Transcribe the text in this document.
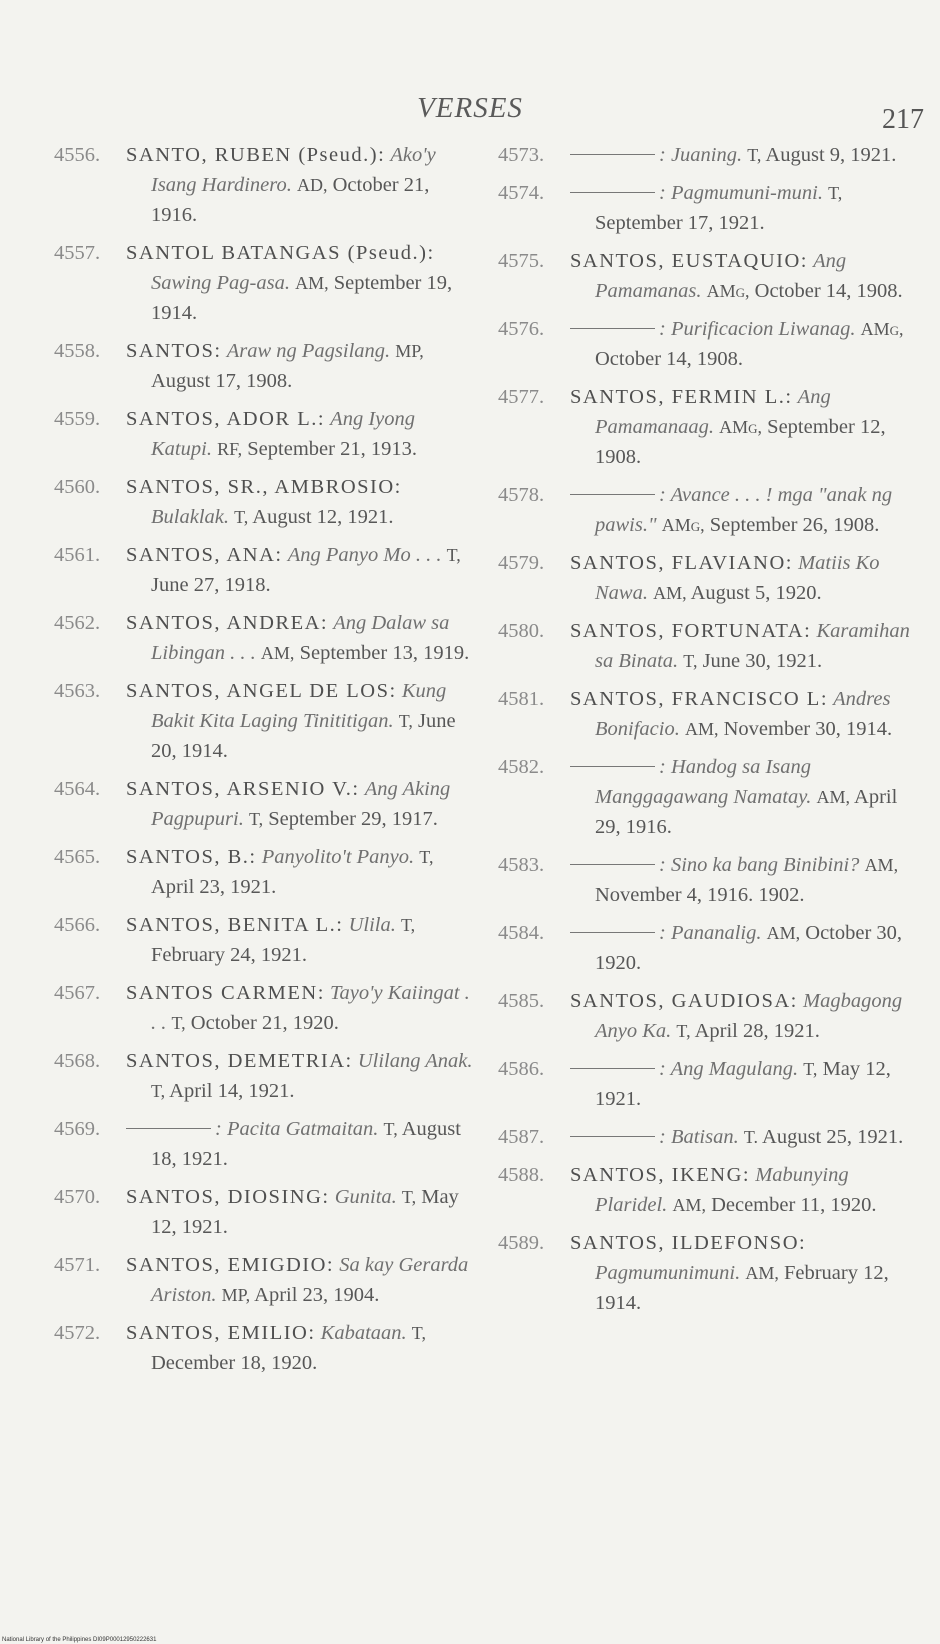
VERSES	217
4556. SANTO, RUBEN (Pseud.): Ako'y Isang Hardinero. AD, October 21, 1916.
4557. SANTOL BATANGAS (Pseud.): Sawing Pag-asa. AM, September 19, 1914.
4558. SANTOS: Araw ng Pagsilang. MP, August 17, 1908.
4559. SANTOS, ADOR L.: Ang Iyong Katupi. RF, September 21, 1913.
4560. SANTOS, SR., AMBROSIO: Bulaklak. T, August 12, 1921.
4561. SANTOS, ANA: Ang Panyo Mo . . . T, June 27, 1918.
4562. SANTOS, ANDREA: Ang Dalaw sa Libingan . . . AM, September 13, 1919.
4563. SANTOS, ANGEL DE LOS: Kung Bakit Kita Laging Tinititigan. T, June 20, 1914.
4564. SANTOS, ARSENIO V.: Ang Aking Pagpupuri. T, September 29, 1917.
4565. SANTOS, B.: Panyolito't Panyo. T, April 23, 1921.
4566. SANTOS, BENITA L.: Ulila. T, February 24, 1921.
4567. SANTOS CARMEN: Tayo'y Kaiingat . . . T, October 21, 1920.
4568. SANTOS, DEMETRIA: Ulilang Anak. T, April 14, 1921.
4569.	: Pacita Gatmaitan. T, August 18, 1921.
4570. SANTOS, DIOSING: Gunita. T, May 12, 1921.
4571. SANTOS, EMIGDIO: Sa kay Gerarda Ariston. MP, April 23, 1904.
4572. SANTOS, EMILIO: Kabataan. T, December 18, 1920.
4573.	: Juaning. T, August 9, 1921.
4574.	: Pagmumuni-muni. T, September 17, 1921.
4575. SANTOS, EUSTAQUIO: Ang Pamamanas. AMg, October 14, 1908.
4576.	: Purificacion Liwanag. AMg, October 14, 1908.
4577. SANTOS, FERMIN L.: Ang Pamamanaag. AMg, September 12, 1908.
4578.	: Avance . . . ! mga "anak ng pawis." AMg, September 26, 1908.
4579. SANTOS, FLAVIANO: Matiis Ko Nawa. AM, August 5, 1920.
4580. SANTOS, FORTUNATA: Karamihan sa Binata. T, June 30, 1921.
4581. SANTOS, FRANCISCO L: Andres Bonifacio. AM, November 30, 1914.
4582.	: Handog sa Isang Manggagawang Namatay. AM, April 29, 1916.
4583.	: Sino ka bang Binibini? AM, November 4, 1916. 1902.
4584.	: Pananalig. AM, October 30, 1920.
4585. SANTOS, GAUDIOSA: Magbagong Anyo Ka. T, April 28, 1921.
4586.	: Ang Magulang. T, May 12, 1921.
4587.	: Batisan. T. August 25, 1921.
4588. SANTOS, IKENG: Mabunying Plaridel. AM, December 11, 1920.
4589. SANTOS, ILDEFONSO: Pagmumunimuni. AM, February 12, 1914.
National Library of the Philippines DI09P00012950222631
